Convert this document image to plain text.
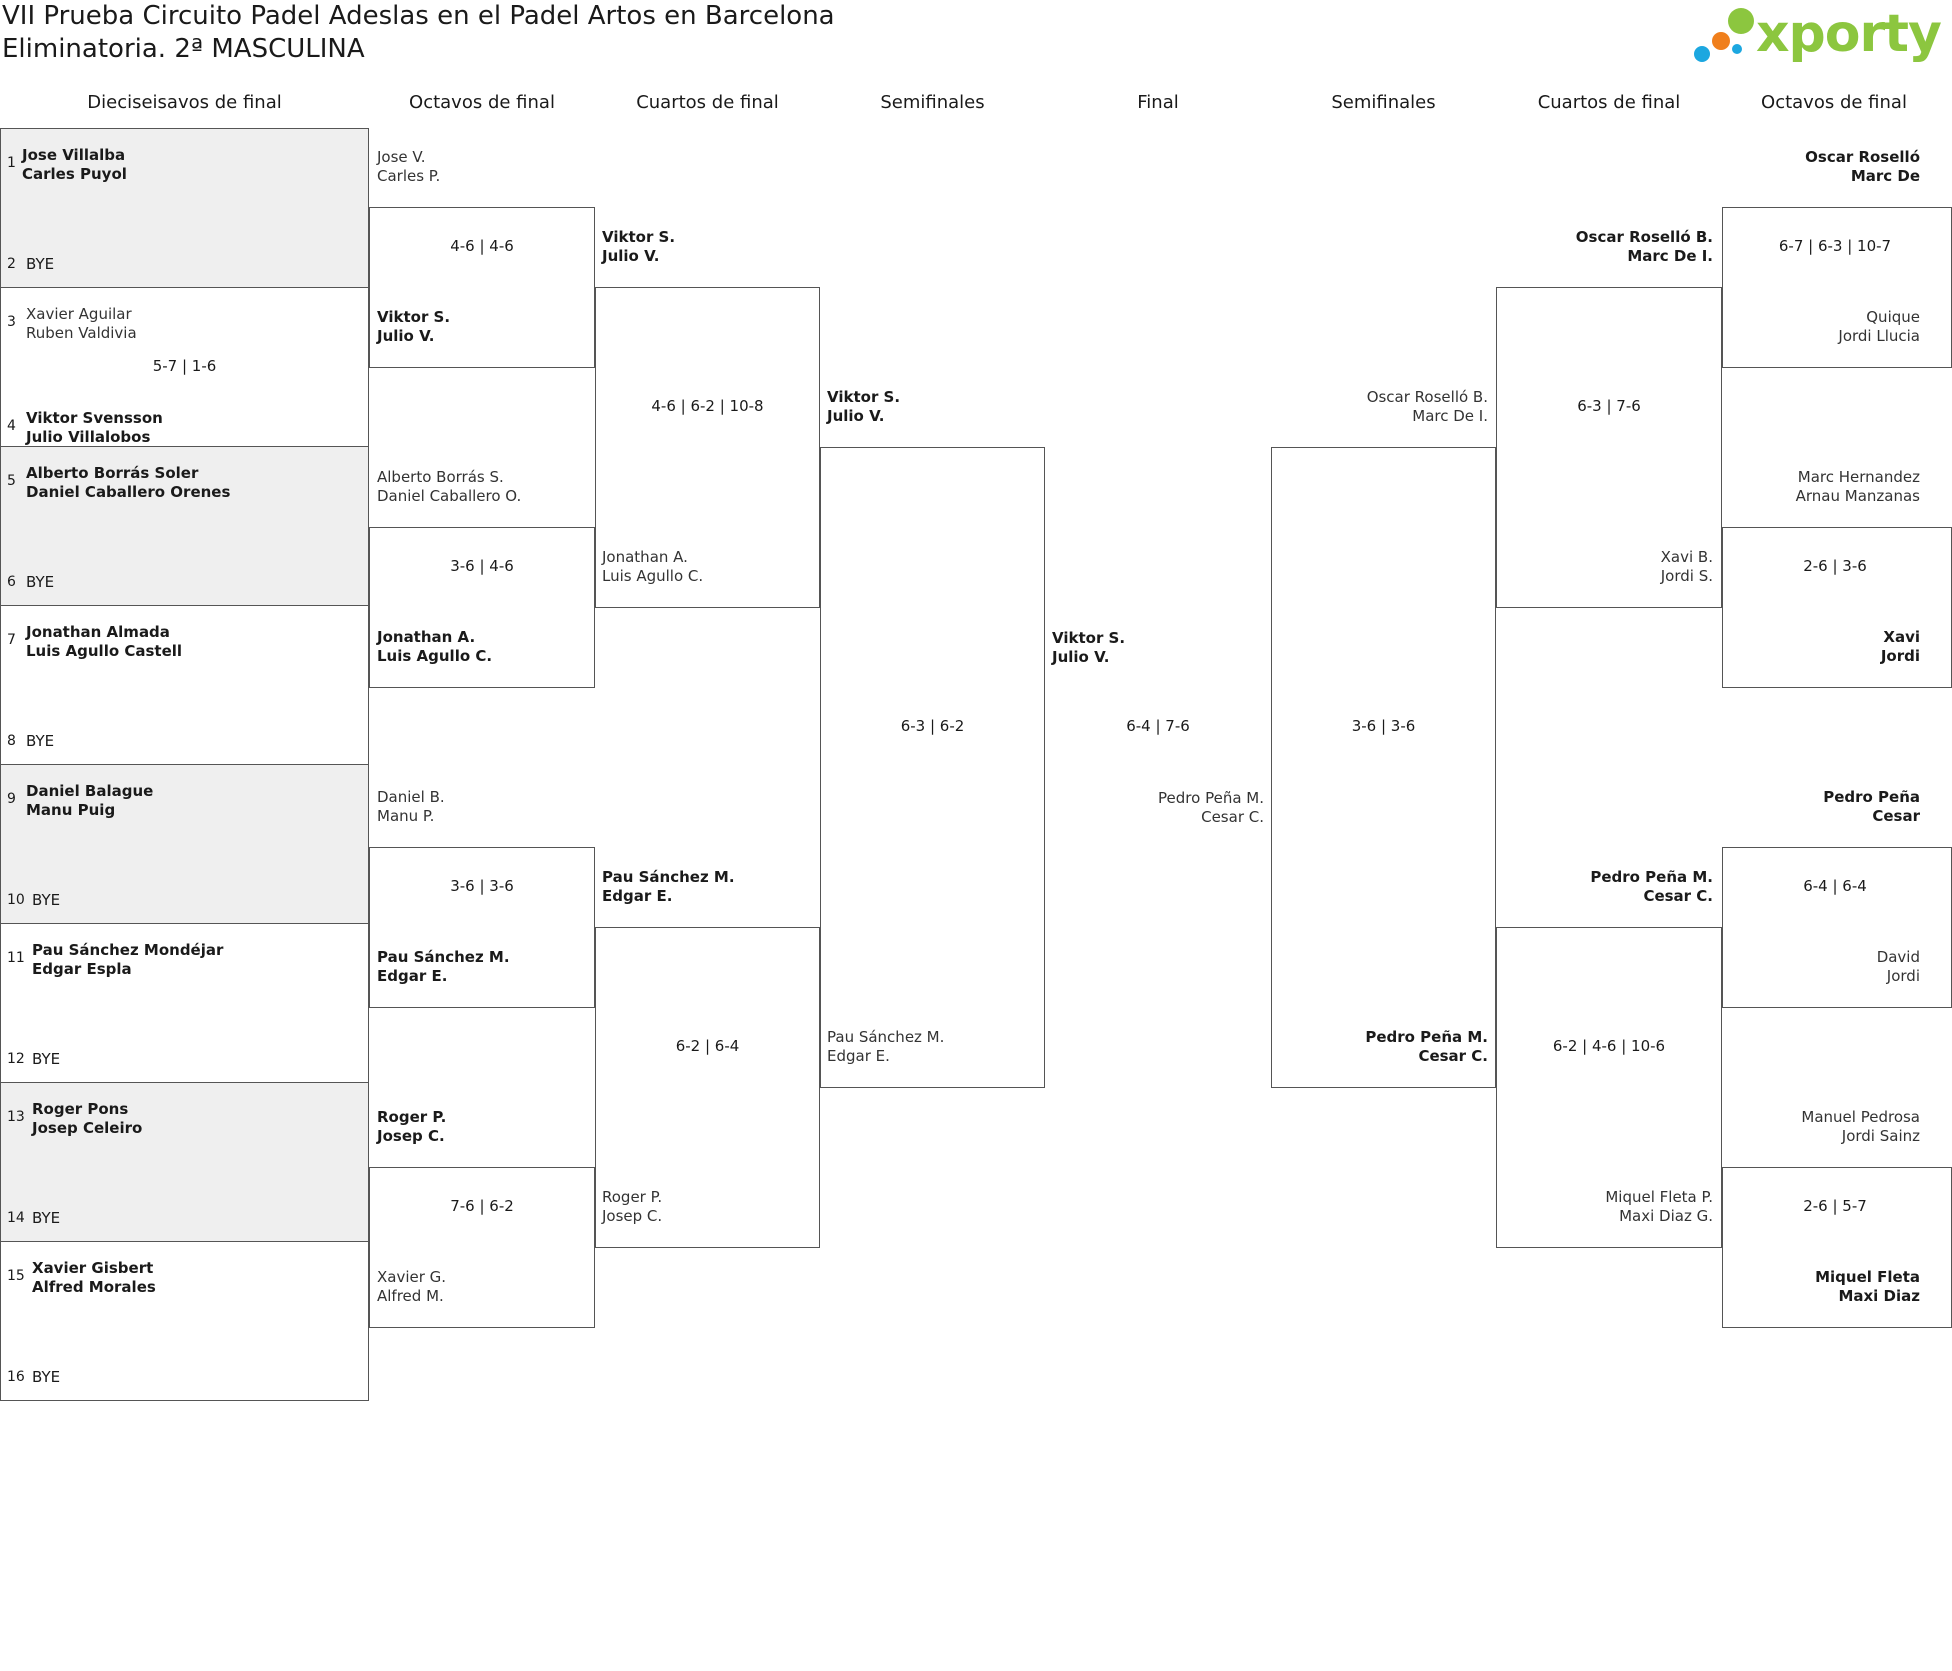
VII Prueba Circuito Padel Adeslas en el Padel Artos en Barcelona
Eliminatoria. 2ª MASCULINA	xporty
Dieciseisavos de final	Octavos de final	Cuartos de final	Semifinales	Final	Semifinales	Cuartos de final	Octavos de final
1 Jose Villalba
Carles Puyol
2 BYE
3 Xavier Aguilar
Ruben Valdivia
4 Viktor Svensson
Julio Villalobos
5 Alberto Borrás Soler
Daniel Caballero Orenes
6 BYE
7 Jonathan Almada
Luis Agullo Castell
8 BYE
9 Daniel Balague
Manu Puig
10 BYE
11 Pau Sánchez Mondéjar
Edgar Espla
12 BYE
13 Roger Pons
Josep Celeiro
14 BYE
15 Xavier Gisbert
Alfred Morales
16 BYE
Jose V.
Carles P.
Viktor S.
Julio V.
Alberto Borrás S.
Daniel Caballero O.
Jonathan A.
Luis Agullo C.
Daniel B.
Manu P.
Pau Sánchez M.
Edgar E.
Roger P.
Josep C.
Xavier G.
Alfred M.
5-7 | 1-6
4-6 | 4-6
3-6 | 4-6
3-6 | 3-6
7-6 | 6-2
Viktor S.
Julio V.
Jonathan A.
Luis Agullo C.
Pau Sánchez M.
Edgar E.
Roger P.
Josep C.
4-6 | 6-2 | 10-8
6-2 | 6-4
Viktor S.
Julio V.
Pau Sánchez M.
Edgar E.
6-3 | 6-2
Viktor S.
Julio V.
Pedro Peña M.
Cesar C.
6-4 | 7-6	3-6 | 3-6
Oscar Roselló B.
Marc De I.
Pedro Peña M.
Cesar C.
Oscar Roselló B.
Marc De I.
Xavi B.
Jordi S.
Pedro Peña M.
Cesar C.
Miquel Fleta P.
Maxi Diaz G.
6-3 | 7-6
6-2 | 4-6 | 10-6
Oscar Roselló
Marc De
Quique
Jordi Llucia
Marc Hernandez
Arnau Manzanas
Xavi
Jordi
Pedro Peña
Cesar
David
Jordi
Manuel Pedrosa
Jordi Sainz
Miquel Fleta
Maxi Diaz
6-7 | 6-3 | 10-7
2-6 | 3-6
6-4 | 6-4
2-6 | 5-7
